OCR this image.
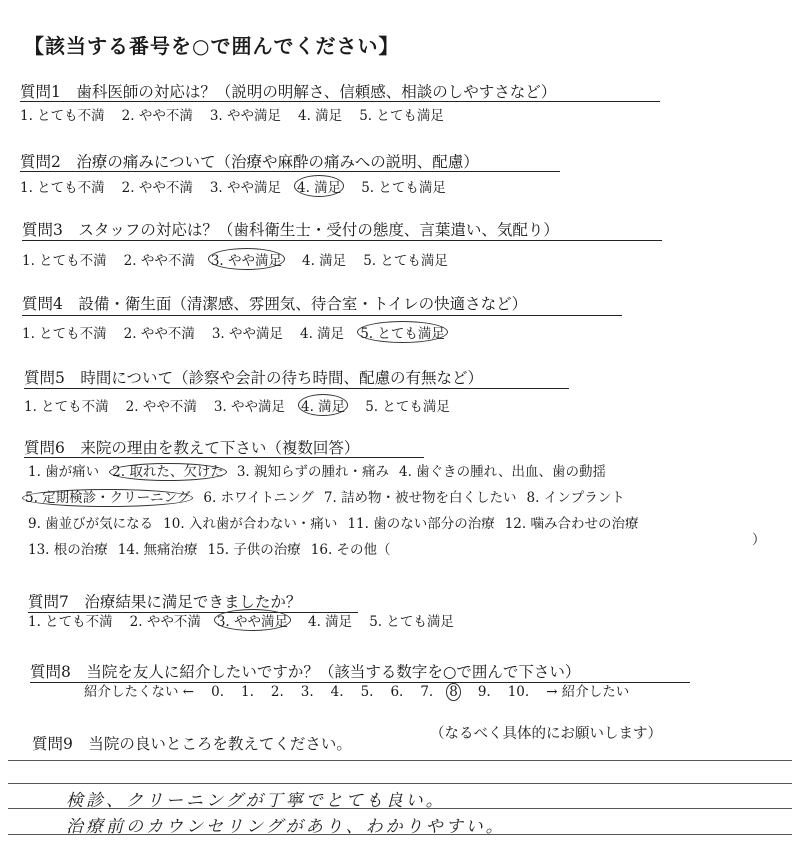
【該当する番号を○で囲んでください】
質問1　歯科医師の対応は？（説明の明解さ、信頼感、相談のしやすさなど）
1. とても不満 2. やや不満 3. やや満足 4. 満足 5. とても満足
質問2　治療の痛みについて（治療や麻酔の痛みへの説明、配慮）
1. とても不満 2. やや不満 3. やや満足 4. 満足 5. とても満足
質問3　スタッフの対応は？（歯科衛生士・受付の態度、言葉遣い、気配り）
1. とても不満 2. やや不満 3. やや満足 4. 満足 5. とても満足
質問4　設備・衛生面（清潔感、雰囲気、待合室・トイレの快適さなど）
1. とても不満 2. やや不満 3. やや満足 4. 満足 5. とても満足
質問5　時間について（診察や会計の待ち時間、配慮の有無など）
1. とても不満 2. やや不満 3. やや満足 4. 満足 5. とても満足
質問6　来院の理由を教えて下さい（複数回答）
1. 歯が痛い 2. 取れた、欠けた 3. 親知らずの腫れ・痛み 4. 歯ぐきの腫れ、出血、歯の動揺
5. 定期検診・クリーニング 6. ホワイトニング 7. 詰め物・被せ物を白くしたい 8. インプラント
9. 歯並びが気になる 10. 入れ歯が合わない・痛い 11. 歯のない部分の治療 12. 噛み合わせの治療
13. 根の治療 14. 無痛治療 15. 子供の治療 16. その他（
）
質問7　治療結果に満足できましたか？
1. とても不満 2. やや不満 3. やや満足 4. 満足 5. とても満足
質問8　当院を友人に紹介したいですか？（該当する数字を○で囲んで下さい）
紹介したくない ← 0. 1. 2. 3. 4. 5. 6. 7. 8 9. 10. → 紹介したい
質問9　当院の良いところを教えてください。
（なるべく具体的にお願いします）
検診、クリーニングが丁寧でとても良い。
治療前のカウンセリングがあり、わかりやすい。
